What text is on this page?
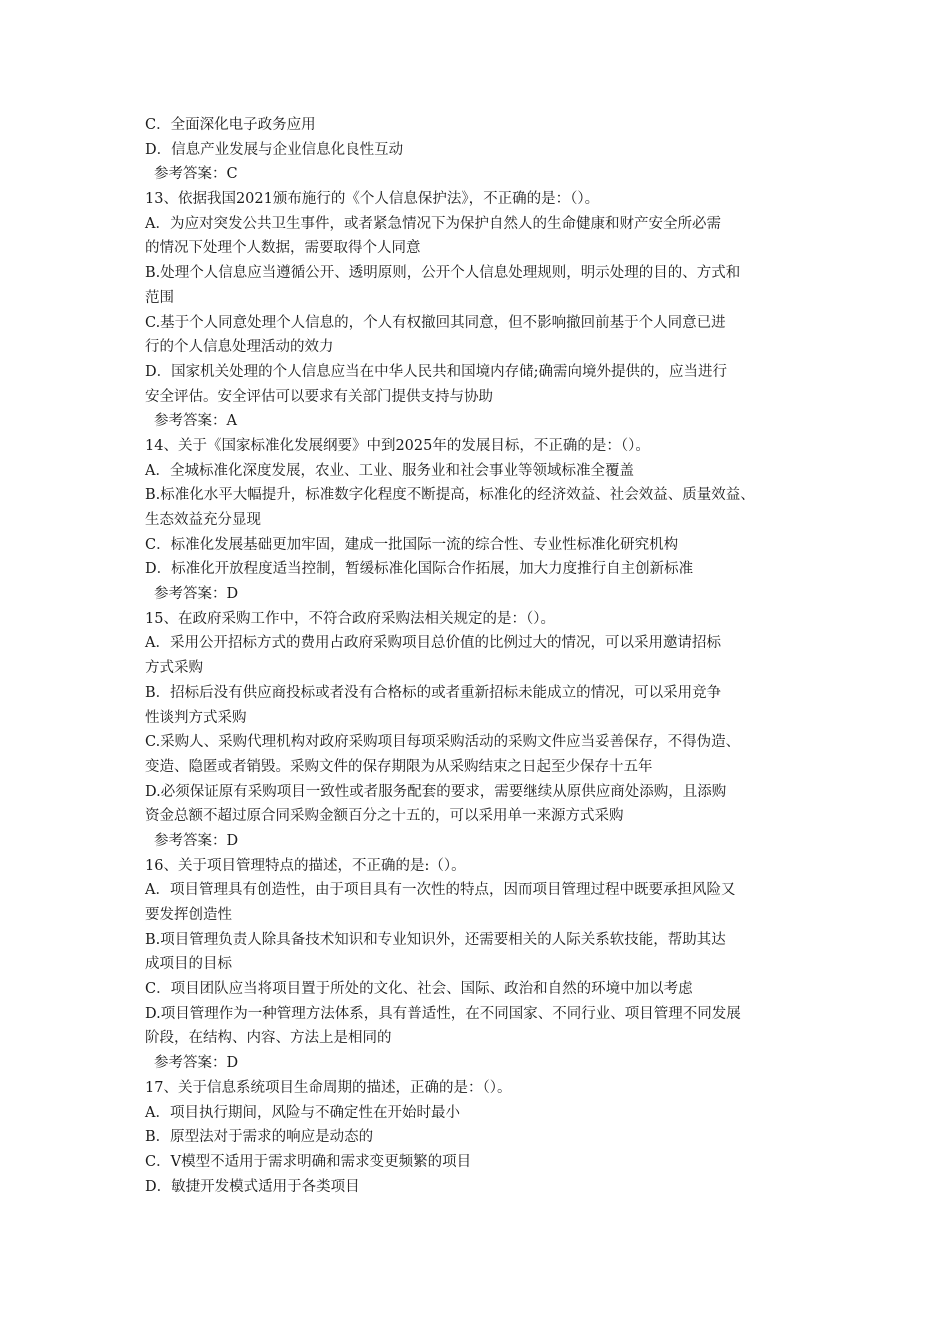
C．全面深化电子政务应用
D．信息产业发展与企业信息化良性互动
参考答案：C
13、依据我国2021颁布施行的《个人信息保护法》，不正确的是：（）。
A．为应对突发公共卫生事件，或者紧急情况下为保护自然人的生命健康和财产安全所必需
的情况下处理个人数据，需要取得个人同意
B.处理个人信息应当遵循公开、透明原则，公开个人信息处理规则，明示处理的目的、方式和
范围
C.基于个人同意处理个人信息的，个人有权撤回其同意，但不影响撤回前基于个人同意已进
行的个人信息处理活动的效力
D．国家机关处理的个人信息应当在中华人民共和国境内存储;确需向境外提供的，应当进行
安全评估。安全评估可以要求有关部门提供支持与协助
参考答案：A
14、关于《国家标准化发展纲要》中到2025年的发展目标，不正确的是：（）。
A．全城标准化深度发展，农业、工业、服务业和社会事业等领域标准全覆盖
B.标准化水平大幅提升，标准数字化程度不断提高，标准化的经济效益、社会效益、质量效益、
生态效益充分显现
C．标准化发展基础更加牢固，建成一批国际一流的综合性、专业性标准化研究机构
D．标准化开放程度适当控制，暂缓标准化国际合作拓展，加大力度推行自主创新标准
参考答案：D
15、在政府采购工作中，不符合政府采购法相关规定的是：（）。
A．采用公开招标方式的费用占政府采购项目总价值的比例过大的情况，可以采用邀请招标
方式采购
B．招标后没有供应商投标或者没有合格标的或者重新招标未能成立的情况，可以采用竞争
性谈判方式采购
C.采购人、采购代理机构对政府采购项目每项采购活动的采购文件应当妥善保存，不得伪造、
变造、隐匿或者销毁。采购文件的保存期限为从采购结束之日起至少保存十五年
D.必须保证原有采购项目一致性或者服务配套的要求，需要继续从原供应商处添购，且添购
资金总额不超过原合同采购金额百分之十五的，可以采用单一来源方式采购
参考答案：D
16、关于项目管理特点的描述，不正确的是:（）。
A．项目管理具有创造性，由于项目具有一次性的特点，因而项目管理过程中既要承担风险又
要发挥创造性
B.项目管理负责人除具备技术知识和专业知识外，还需要相关的人际关系软技能，帮助其达
成项目的目标
C．项目团队应当将项目置于所处的文化、社会、国际、政治和自然的环境中加以考虑
D.项目管理作为一种管理方法体系，具有普适性，在不同国家、不同行业、项目管理不同发展
阶段，在结构、内容、方法上是相同的
参考答案：D
17、关于信息系统项目生命周期的描述，正确的是：（）。
A．项目执行期间，风险与不确定性在开始时最小
B．原型法对于需求的响应是动态的
C．V模型不适用于需求明确和需求变更频繁的项目
D．敏捷开发模式适用于各类项目
